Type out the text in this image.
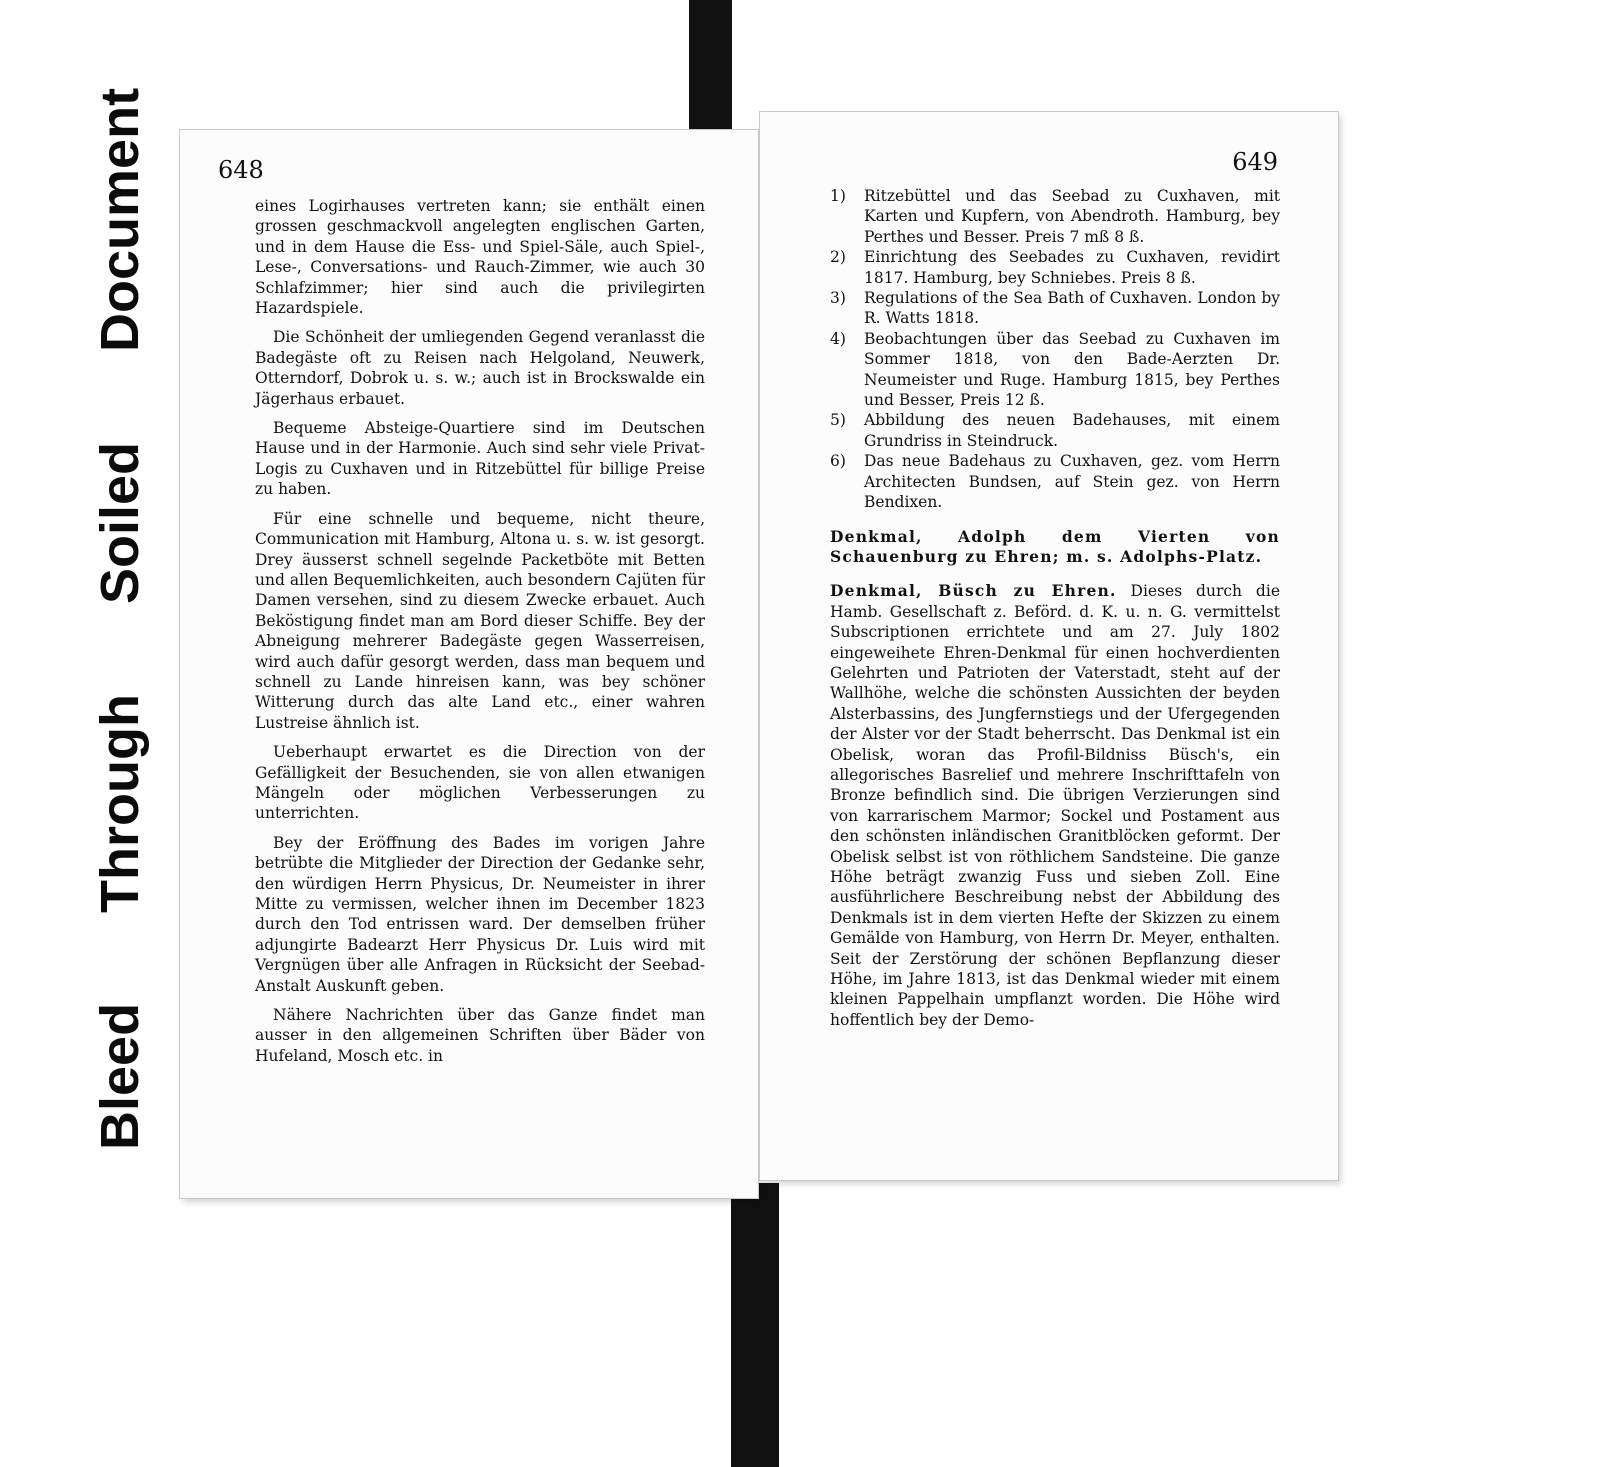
BleedThroughSoiledDocument	648

eines Logirhauses vertreten kann; sie enthält einen grossen geschmackvoll angelegten englischen Garten, und in dem Hause die Ess- und Spiel-Säle, auch Spiel-, Lese-, Conversations- und Rauch-Zimmer, wie auch 30 Schlafzimmer; hier sind auch die privilegirten Hazardspiele.

Die Schönheit der umliegenden Gegend veranlasst die Badegäste oft zu Reisen nach Helgoland, Neuwerk, Otterndorf, Dobrok u. s. w.; auch ist in Brockswalde ein Jägerhaus erbauet.

Bequeme Absteige-Quartiere sind im Deutschen Hause und in der Harmonie. Auch sind sehr viele Privat-Logis zu Cuxhaven und in Ritzebüttel für billige Preise zu haben.

Für eine schnelle und bequeme, nicht theure, Communication mit Hamburg, Altona u. s. w. ist gesorgt. Drey äusserst schnell segelnde Packetböte mit Betten und allen Bequemlichkeiten, auch besondern Cajüten für Damen versehen, sind zu diesem Zwecke erbauet. Auch Beköstigung findet man am Bord dieser Schiffe. Bey der Abneigung mehrerer Badegäste gegen Wasserreisen, wird auch dafür gesorgt werden, dass man bequem und schnell zu Lande hinreisen kann, was bey schöner Witterung durch das alte Land etc., einer wahren Lustreise ähnlich ist.

Ueberhaupt erwartet es die Direction von der Gefälligkeit der Besuchenden, sie von allen etwanigen Mängeln oder möglichen Verbesserungen zu unterrichten.

Bey der Eröffnung des Bades im vorigen Jahre betrübte die Mitglieder der Direction der Gedanke sehr, den würdigen Herrn Physicus, Dr. Neumeister in ihrer Mitte zu vermissen, welcher ihnen im December 1823 durch den Tod entrissen ward. Der demselben früher adjungirte Badearzt Herr Physicus Dr. Luis wird mit Vergnügen über alle Anfragen in Rücksicht der Seebad-Anstalt Auskunft geben.

Nähere Nachrichten über das Ganze findet man ausser in den allgemeinen Schriften über Bäder von Hufeland, Mosch etc. in

649
1)	Ritzebüttel und das Seebad zu Cuxhaven, mit Karten und Kupfern, von Abendroth. Hamburg, bey Perthes und Besser. Preis 7 mß 8 ß.
2)	Einrichtung des Seebades zu Cuxhaven, revidirt 1817. Hamburg, bey Schniebes. Preis 8 ß.
3)	Regulations of the Sea Bath of Cuxhaven. London by R. Watts 1818.
4)	Beobachtungen über das Seebad zu Cuxhaven im Sommer 1818, von den Bade-Aerzten Dr. Neumeister und Ruge. Hamburg 1815, bey Perthes und Besser, Preis 12 ß.
5)	Abbildung des neuen Badehauses, mit einem Grundriss in Steindruck.
6)	Das neue Badehaus zu Cuxhaven, gez. vom Herrn Architecten Bundsen, auf Stein gez. von Herrn Bendixen.

Denkmal, Adolph dem Vierten von Schauenburg zu Ehren; m. s. Adolphs-Platz.

Denkmal, Büsch zu Ehren. Dieses durch die Hamb. Gesellschaft z. Beförd. d. K. u. n. G. vermittelst Subscriptionen errichtete und am 27. July 1802 eingeweihete Ehren-Denkmal für einen hochverdienten Gelehrten und Patrioten der Vaterstadt, steht auf der Wallhöhe, welche die schönsten Aussichten der beyden Alsterbassins, des Jungfernstiegs und der Ufergegenden der Alster vor der Stadt beherrscht. Das Denkmal ist ein Obelisk, woran das Profil-Bildniss Büsch's, ein allegorisches Basrelief und mehrere Inschrifttafeln von Bronze befindlich sind. Die übrigen Verzierungen sind von karrarischem Marmor; Sockel und Postament aus den schönsten inländischen Granitblöcken geformt. Der Obelisk selbst ist von röthlichem Sandsteine. Die ganze Höhe beträgt zwanzig Fuss und sieben Zoll. Eine ausführlichere Beschreibung nebst der Abbildung des Denkmals ist in dem vierten Hefte der Skizzen zu einem Gemälde von Hamburg, von Herrn Dr. Meyer, enthalten. Seit der Zerstörung der schönen Bepflanzung dieser Höhe, im Jahre 1813, ist das Denkmal wieder mit einem kleinen Pappelhain umpflanzt worden. Die Höhe wird hoffentlich bey der Demo-
